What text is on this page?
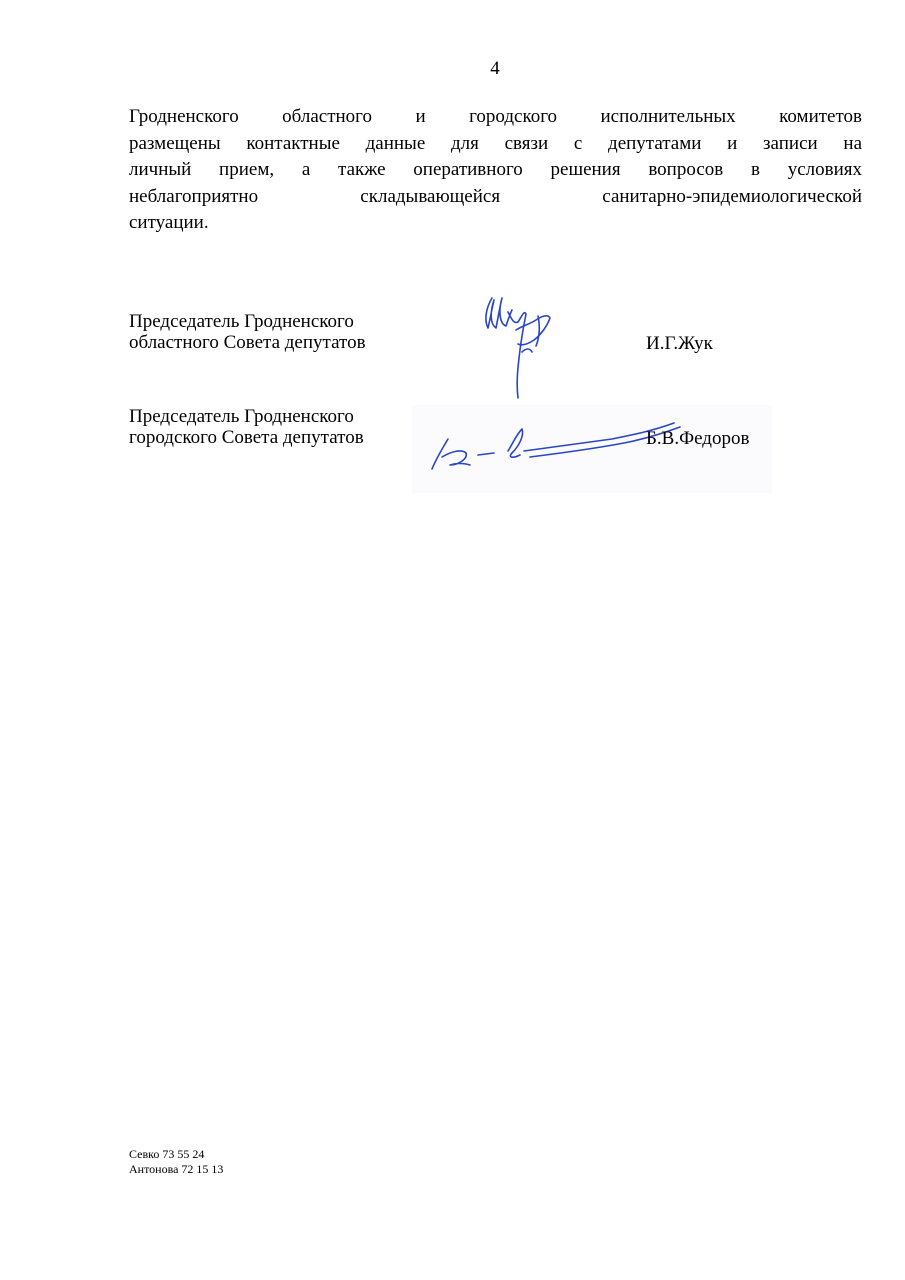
4
Гродненского областного и городского исполнительных комитетов
размещены контактные данные для связи с депутатами и записи на
личный прием, а также оперативного решения вопросов в условиях
неблагоприятно складывающейся санитарно-эпидемиологической
ситуации.
Председатель Гродненского
областного Совета депутатов	И.Г.Жук
Председатель Гродненского
городского Совета депутатов	Б.В.Федоров
Севко 73 55 24
Антонова 72 15 13
